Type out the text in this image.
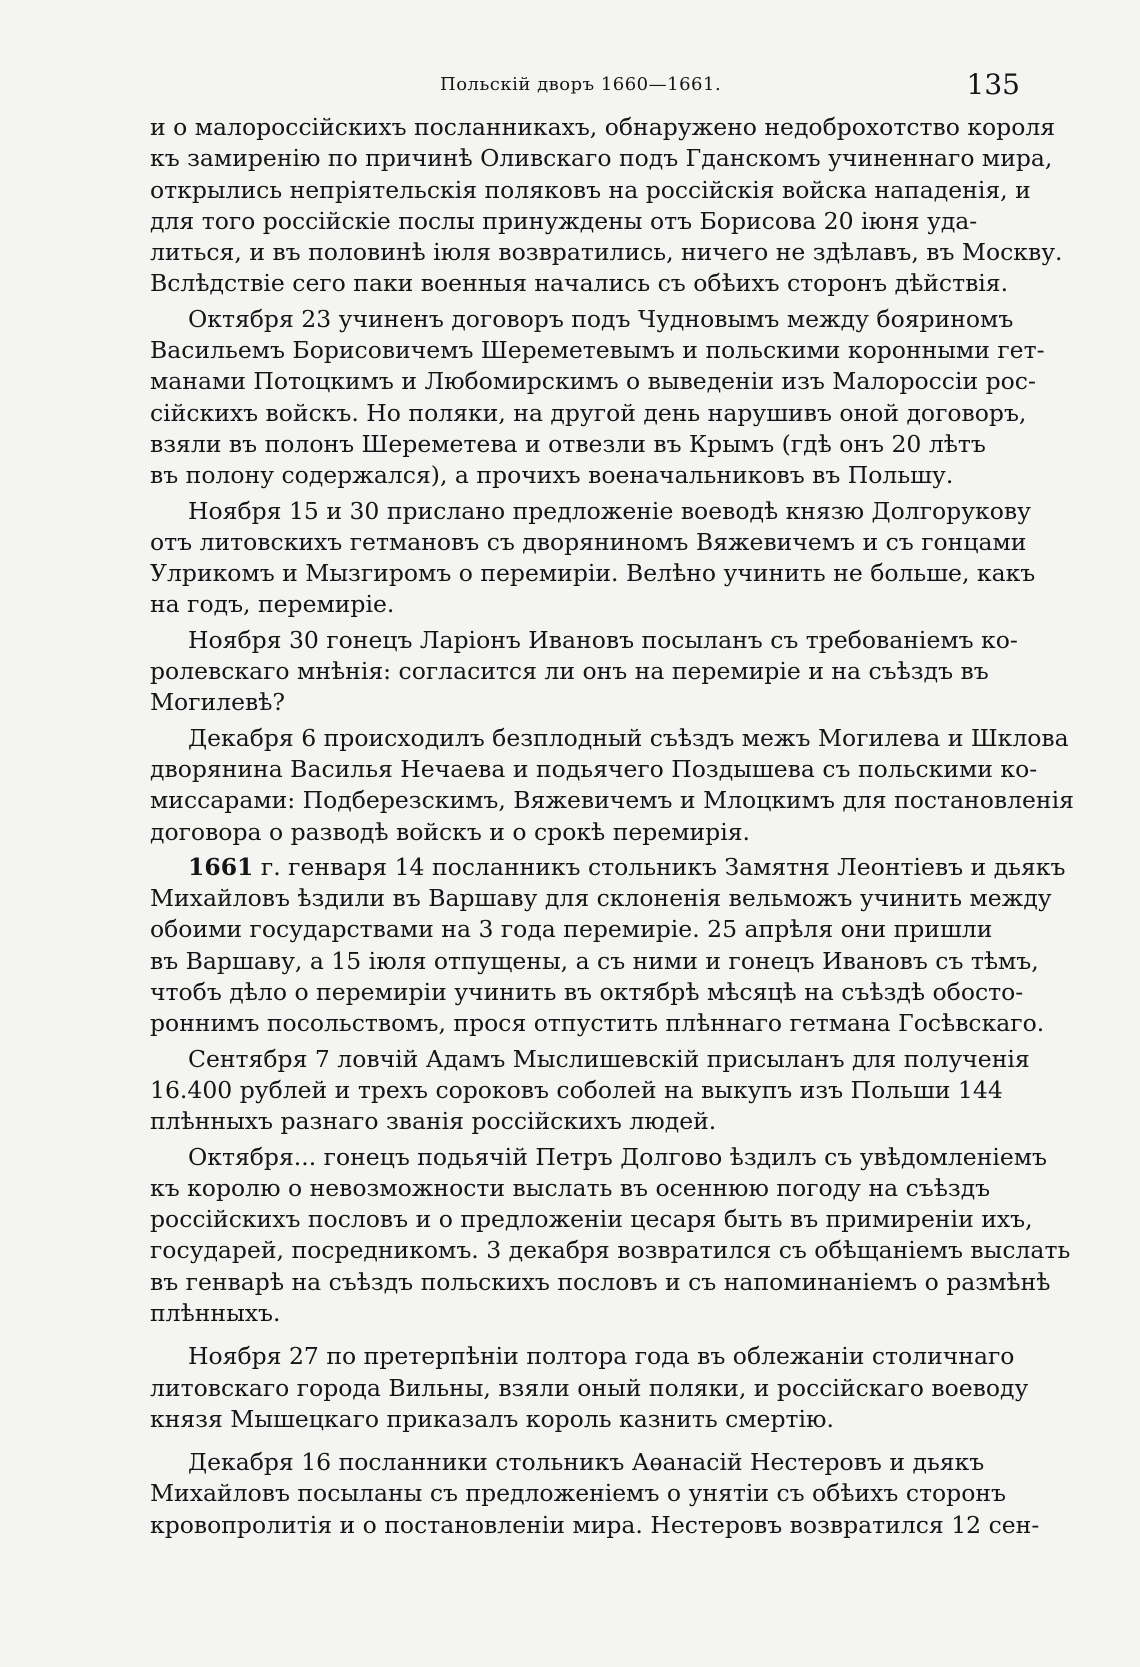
Польскій дворъ 1660—1661.	135
и о малороссійскихъ посланникахъ, обнаружено недоброхотство короля
къ замиренію по причинѣ Оливскаго подъ Гданскомъ учиненнаго мира,
открылись непріятельскія поляковъ на россійскія войска нападенія, и
для того россійскіе послы принуждены отъ Борисова 20 іюня уда-
литься, и въ половинѣ іюля возвратились, ничего не здѣлавъ, въ Москву.
Вслѣдствіе сего паки военныя начались съ обѣихъ сторонъ дѣйствія.
Октября 23 учиненъ договоръ подъ Чудновымъ между бояриномъ
Васильемъ Борисовичемъ Шереметевымъ и польскими коронными гет-
манами Потоцкимъ и Любомирскимъ о выведеніи изъ Малороссіи рос-
сійскихъ войскъ. Но поляки, на другой день нарушивъ оной договоръ,
взяли въ полонъ Шереметева и отвезли въ Крымъ (гдѣ онъ 20 лѣтъ
въ полону содержался), а прочихъ военачальниковъ въ Польшу.
Ноября 15 и 30 прислано предложеніе воеводѣ князю Долгорукову
отъ литовскихъ гетмановъ съ дворяниномъ Вяжевичемъ и съ гонцами
Улрикомъ и Мызгиромъ о перемиріи. Велѣно учинить не больше, какъ
на годъ, перемиріе.
Ноября 30 гонецъ Ларіонъ Ивановъ посыланъ съ требованіемъ ко-
ролевскаго мнѣнія: согласится ли онъ на перемиріе и на съѣздъ въ
Могилевѣ?
Декабря 6 происходилъ безплодный съѣздъ межъ Могилева и Шклова
дворянина Василья Нечаева и подьячего Поздышева съ польскими ко-
миссарами: Подберезскимъ, Вяжевичемъ и Млоцкимъ для постановленія
договора о разводѣ войскъ и о срокѣ перемирія.
1661 г. генваря 14 посланникъ стольникъ Замятня Леонтіевъ и дьякъ
Михайловъ ѣздили въ Варшаву для склоненія вельможъ учинить между
обоими государствами на 3 года перемиріе. 25 апрѣля они пришли
въ Варшаву, а 15 іюля отпущены, а съ ними и гонецъ Ивановъ съ тѣмъ,
чтобъ дѣло о перемиріи учинить въ октябрѣ мѣсяцѣ на съѣздѣ обосто-
роннимъ посольствомъ, прося отпустить плѣннаго гетмана Госѣвскаго.
Сентября 7 ловчій Адамъ Мыслишевскій присыланъ для полученія
16.400 рублей и трехъ сороковъ соболей на выкупъ изъ Польши 144
плѣнныхъ разнаго званія россійскихъ людей.
Октября... гонецъ подьячій Петръ Долгово ѣздилъ съ увѣдомленіемъ
къ королю о невозможности выслать въ осеннюю погоду на съѣздъ
россійскихъ пословъ и о предложеніи цесаря быть въ примиреніи ихъ,
государей, посредникомъ. 3 декабря возвратился съ обѣщаніемъ выслать
въ генварѣ на съѣздъ польскихъ пословъ и съ напоминаніемъ о размѣнѣ
плѣнныхъ.
Ноября 27 по претерпѣніи полтора года въ облежаніи столичнаго
литовскаго города Вильны, взяли оный поляки, и россійскаго воеводу
князя Мышецкаго приказалъ король казнить смертію.
Декабря 16 посланники стольникъ Аѳанасій Нестеровъ и дьякъ
Михайловъ посыланы съ предложеніемъ о унятіи съ обѣихъ сторонъ
кровопролитія и о постановленіи мира. Нестеровъ возвратился 12 сен-
